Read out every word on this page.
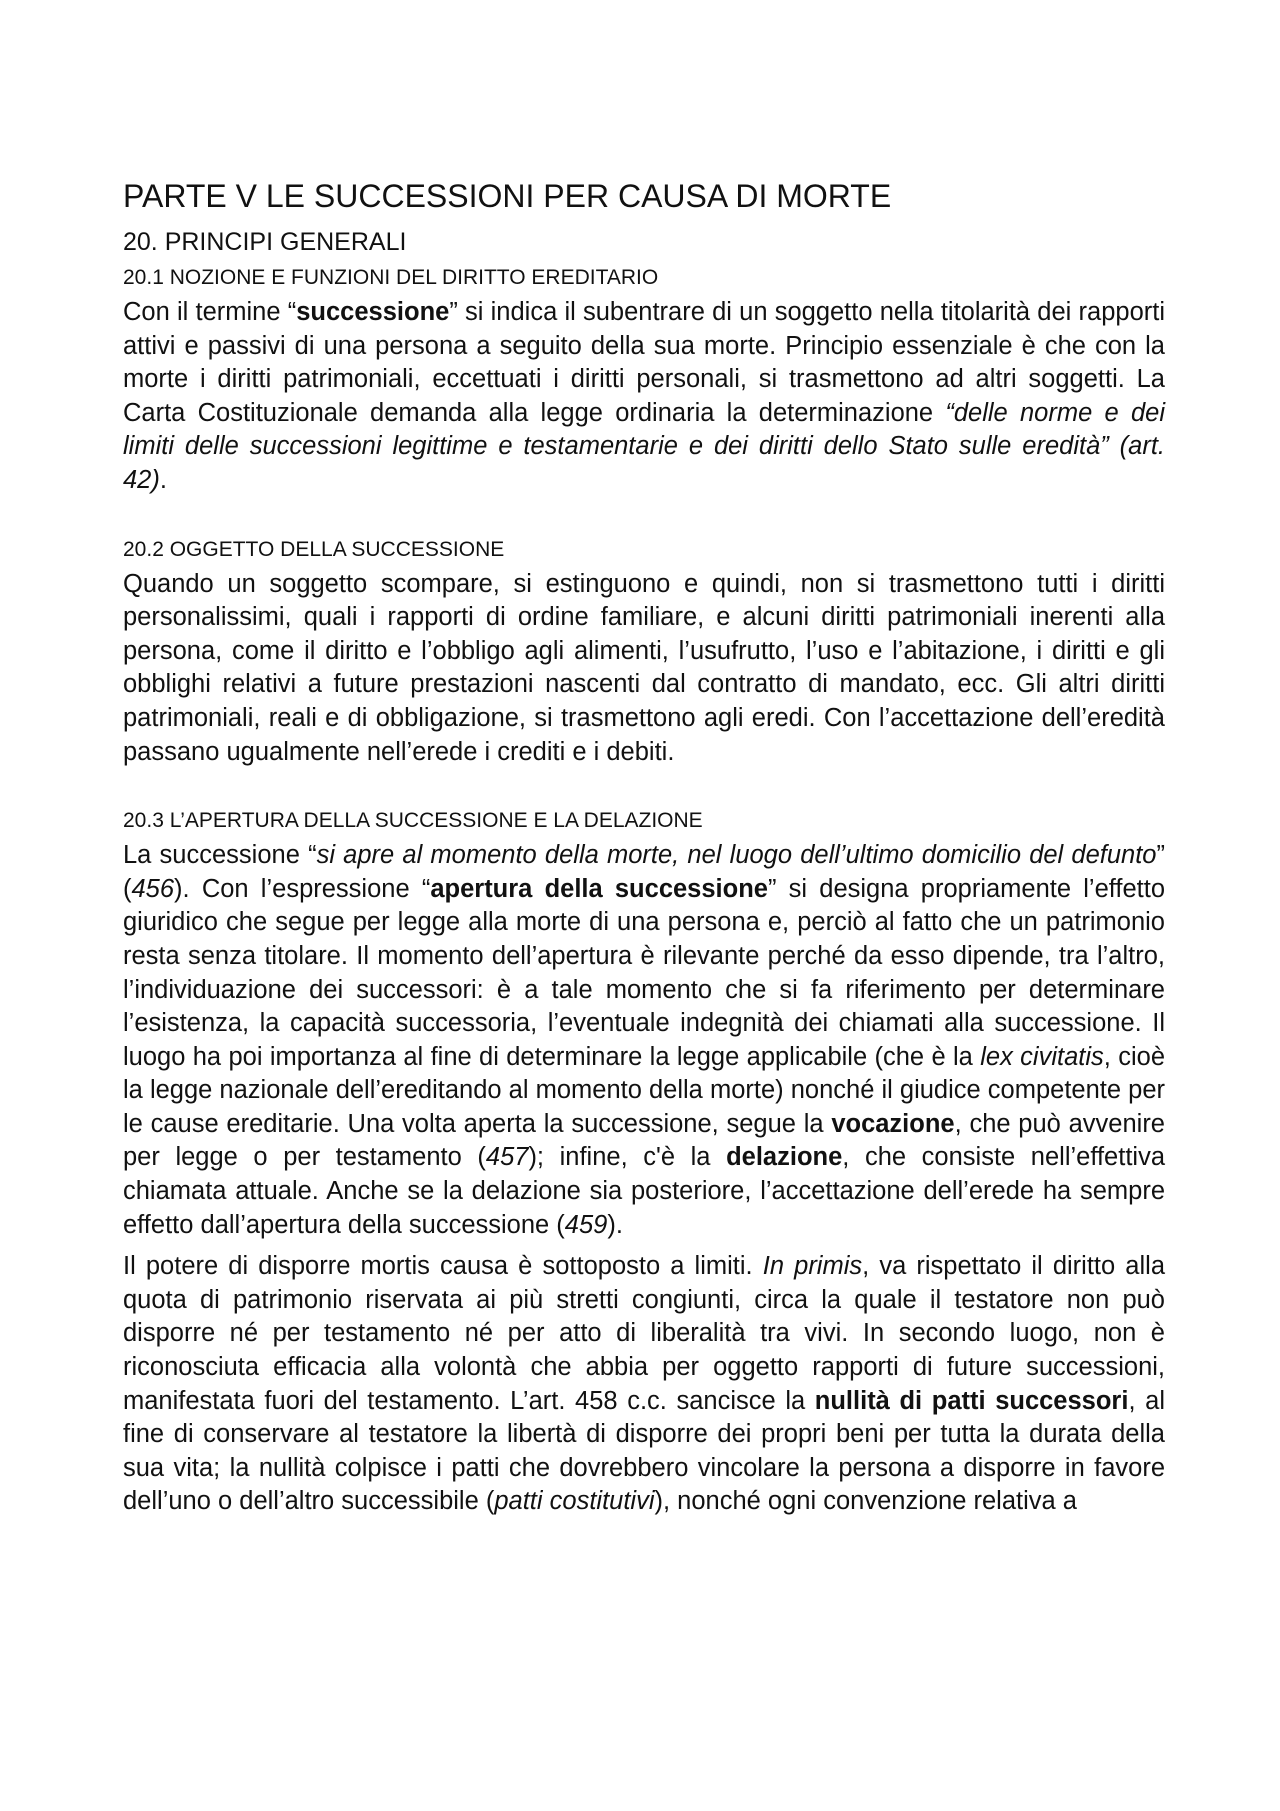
PARTE V LE SUCCESSIONI PER CAUSA DI MORTE
20. PRINCIPI GENERALI
20.1 NOZIONE E FUNZIONI DEL DIRITTO EREDITARIO

Con il termine “successione” si indica il subentrare di un soggetto nella titolarità dei rapporti attivi e passivi di una persona a seguito della sua morte. Principio essenziale è che con la morte i diritti patrimoniali, eccettuati i diritti personali, si trasmettono ad altri soggetti. La Carta Costituzionale demanda alla legge ordinaria la determinazione “delle norme e dei limiti delle successioni legittime e testamentarie e dei diritti dello Stato sulle eredità” (art. 42).

20.2 OGGETTO DELLA SUCCESSIONE

Quando un soggetto scompare, si estinguono e quindi, non si trasmettono tutti i diritti personalissimi, quali i rapporti di ordine familiare, e alcuni diritti patrimoniali inerenti alla persona, come il diritto e l’obbligo agli alimenti, l’usufrutto, l’uso e l’abitazione, i diritti e gli obblighi relativi a future prestazioni nascenti dal contratto di mandato, ecc. Gli altri diritti patrimoniali, reali e di obbligazione, si trasmettono agli eredi. Con l’accettazione dell’eredità passano ugualmente nell’erede i crediti e i debiti.

20.3 L’APERTURA DELLA SUCCESSIONE E LA DELAZIONE

La successione “si apre al momento della morte, nel luogo dell’ultimo domicilio del defunto” (456). Con l’espressione “apertura della successione” si designa propriamente l’effetto giuridico che segue per legge alla morte di una persona e, perciò al fatto che un patrimonio resta senza titolare. Il momento dell’apertura è rilevante perché da esso dipende, tra l’altro, l’individuazione dei successori: è a tale momento che si fa riferimento per determinare l’esistenza, la capacità successoria, l’eventuale indegnità dei chiamati alla successione. Il luogo ha poi importanza al fine di determinare la legge applicabile (che è la lex civitatis, cioè la legge nazionale dell’ereditando al momento della morte) nonché il giudice competente per le cause ereditarie. Una volta aperta la successione, segue la vocazione, che può avvenire per legge o per testamento (457); infine, c'è la delazione, che consiste nell’effettiva chiamata attuale. Anche se la delazione sia posteriore, l’accettazione dell’erede ha sempre effetto dall’apertura della successione (459).

Il potere di disporre mortis causa è sottoposto a limiti. In primis, va rispettato il diritto alla quota di patrimonio riservata ai più stretti congiunti, circa la quale il testatore non può disporre né per testamento né per atto di liberalità tra vivi. In secondo luogo, non è riconosciuta efficacia alla volontà che abbia per oggetto rapporti di future successioni, manifestata fuori del testamento. L’art. 458 c.c. sancisce la nullità di patti successori, al fine di conservare al testatore la libertà di disporre dei propri beni per tutta la durata della sua vita; la nullità colpisce i patti che dovrebbero vincolare la persona a disporre in favore dell’uno o dell’altro successibile (patti costitutivi), nonché ogni convenzione relativa a
